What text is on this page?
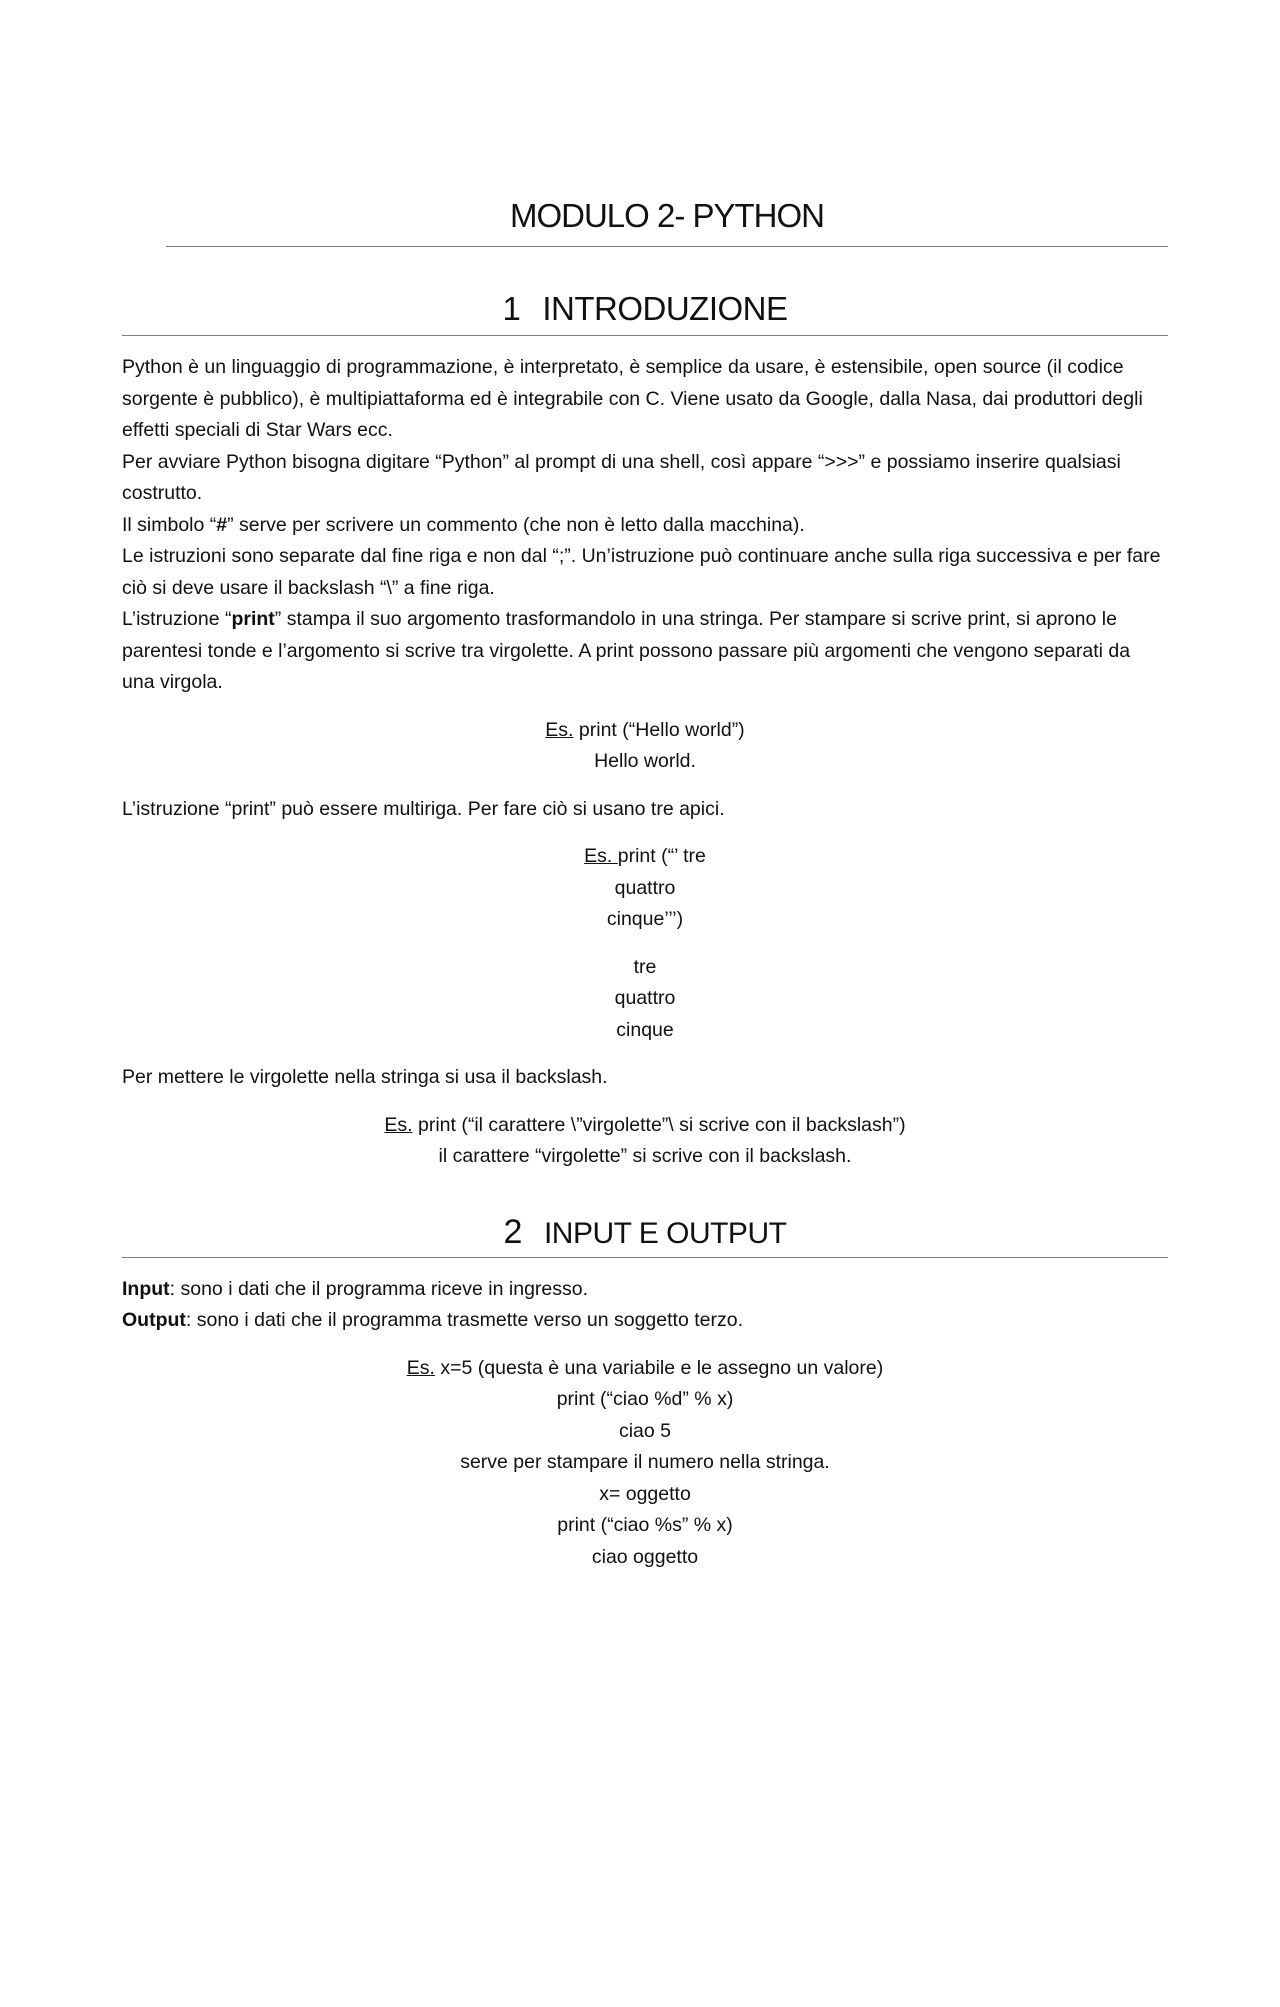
MODULO 2- PYTHON
1 INTRODUZIONE

Python è un linguaggio di programmazione, è interpretato, è semplice da usare, è estensibile, open source (il codice sorgente è pubblico), è multipiattaforma ed è integrabile con C. Viene usato da Google, dalla Nasa, dai produttori degli effetti speciali di Star Wars ecc.

Per avviare Python bisogna digitare “Python” al prompt di una shell, così appare “>>>” e possiamo inserire qualsiasi costrutto.

Il simbolo “#” serve per scrivere un commento (che non è letto dalla macchina).

Le istruzioni sono separate dal fine riga e non dal “;”. Un’istruzione può continuare anche sulla riga successiva e per fare ciò si deve usare il backslash “\” a fine riga.

L’istruzione “print” stampa il suo argomento trasformandolo in una stringa. Per stampare si scrive print, si aprono le parentesi tonde e l’argomento si scrive tra virgolette. A print possono passare più argomenti che vengono separati da una virgola.

Es. print (“Hello world”)
Hello world.
L’istruzione “print” può essere multiriga. Per fare ciò si usano tre apici.
Es. print (“’ tre
quattro
cinque’’’)
tre
quattro
cinque
Per mettere le virgolette nella stringa si usa il backslash.
Es. print (“il carattere \”virgolette”\ si scrive con il backslash”)
il carattere “virgolette” si scrive con il backslash.
2 INPUT E OUTPUT

Input: sono i dati che il programma riceve in ingresso.

Output: sono i dati che il programma trasmette verso un soggetto terzo.

Es. x=5 (questa è una variabile e le assegno un valore)
print (“ciao %d” % x)
ciao 5
serve per stampare il numero nella stringa.
x= oggetto
print (“ciao %s” % x)
ciao oggetto
